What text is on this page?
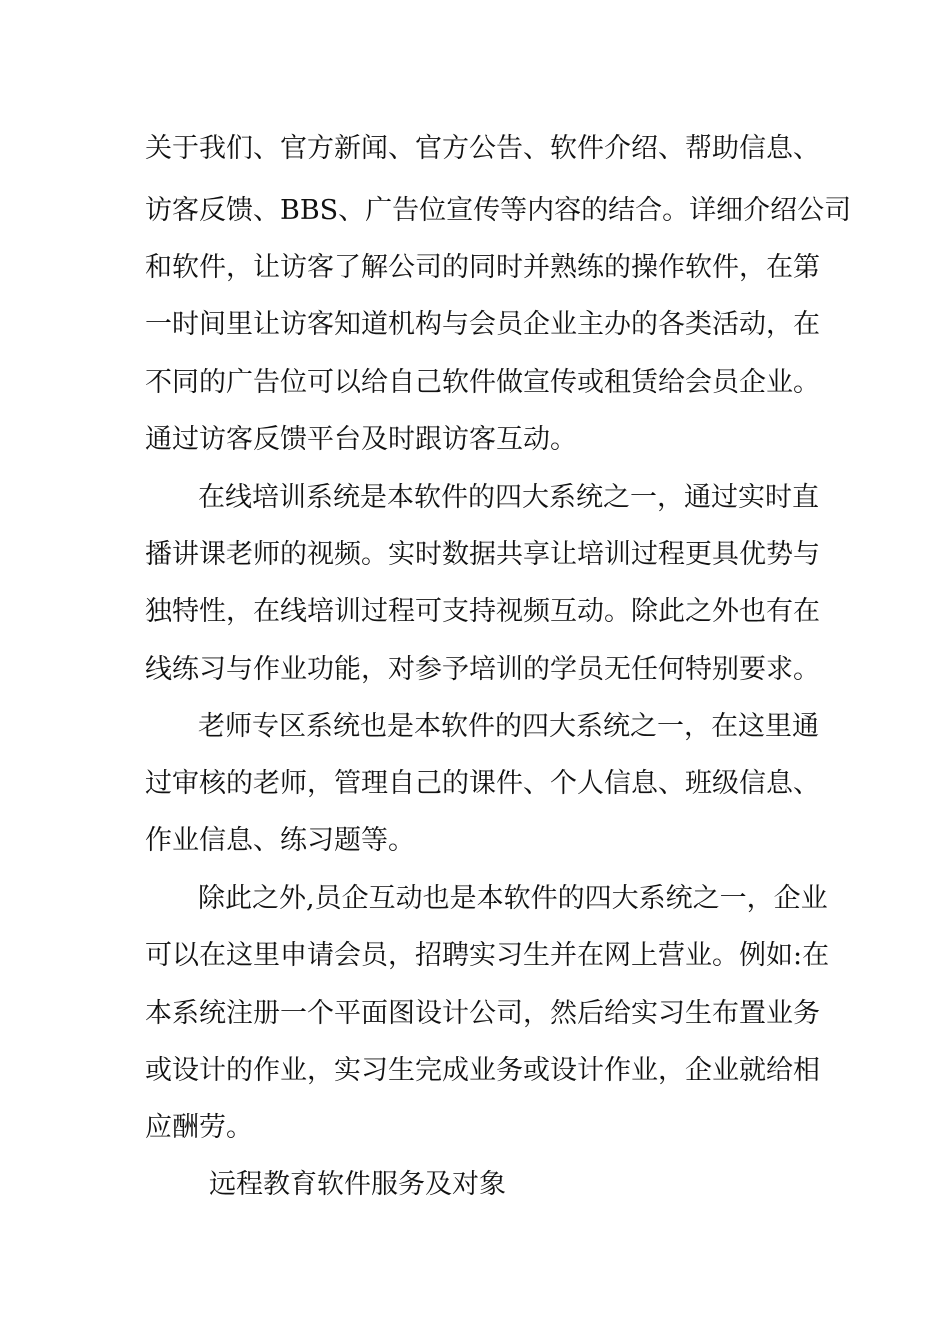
关于我们、官方新闻、官方公告、软件介绍、帮助信息、
访客反馈、BBS、广告位宣传等内容的结合。详细介绍公司
和软件，让访客了解公司的同时并熟练的操作软件，在第
一时间里让访客知道机构与会员企业主办的各类活动，在
不同的广告位可以给自己软件做宣传或租赁给会员企业。
通过访客反馈平台及时跟访客互动。
在线培训系统是本软件的四大系统之一，通过实时直
播讲课老师的视频。实时数据共享让培训过程更具优势与
独特性，在线培训过程可支持视频互动。除此之外也有在
线练习与作业功能，对参予培训的学员无任何特别要求。
老师专区系统也是本软件的四大系统之一，在这里通
过审核的老师，管理自己的课件、个人信息、班级信息、
作业信息、练习题等。
除此之外,员企互动也是本软件的四大系统之一，企业
可以在这里申请会员，招聘实习生并在网上营业。例如:在
本系统注册一个平面图设计公司，然后给实习生布置业务
或设计的作业，实习生完成业务或设计作业，企业就给相
应酬劳。
远程教育软件服务及对象
